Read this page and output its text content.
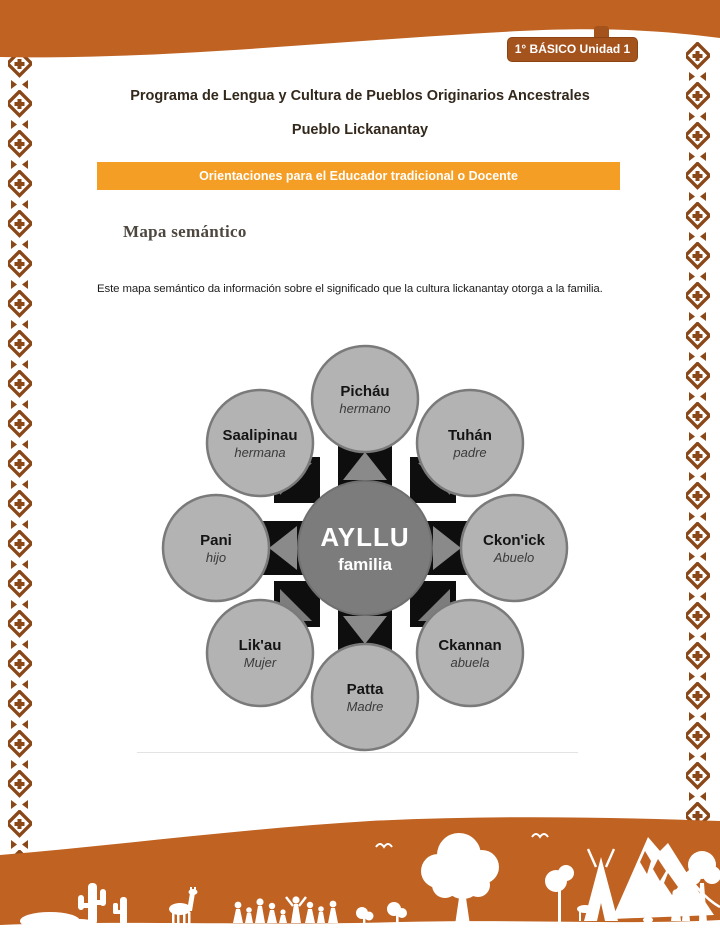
1° BÁSICO Unidad 1
Programa de Lengua y Cultura de Pueblos Originarios Ancestrales
Pueblo Lickanantay
Orientaciones para el Educador tradicional o Docente
Mapa semántico
Este mapa semántico da información sobre el significado que la cultura lickanantay otorga a la familia.
Picháu
hermano
Tuhán
padre
Ckon'ick
Abuelo
Ckannan
abuela
Patta
Madre
Lik'au
Mujer
Pani
hijo
Saalipinau
hermana
AYLLU
familia
